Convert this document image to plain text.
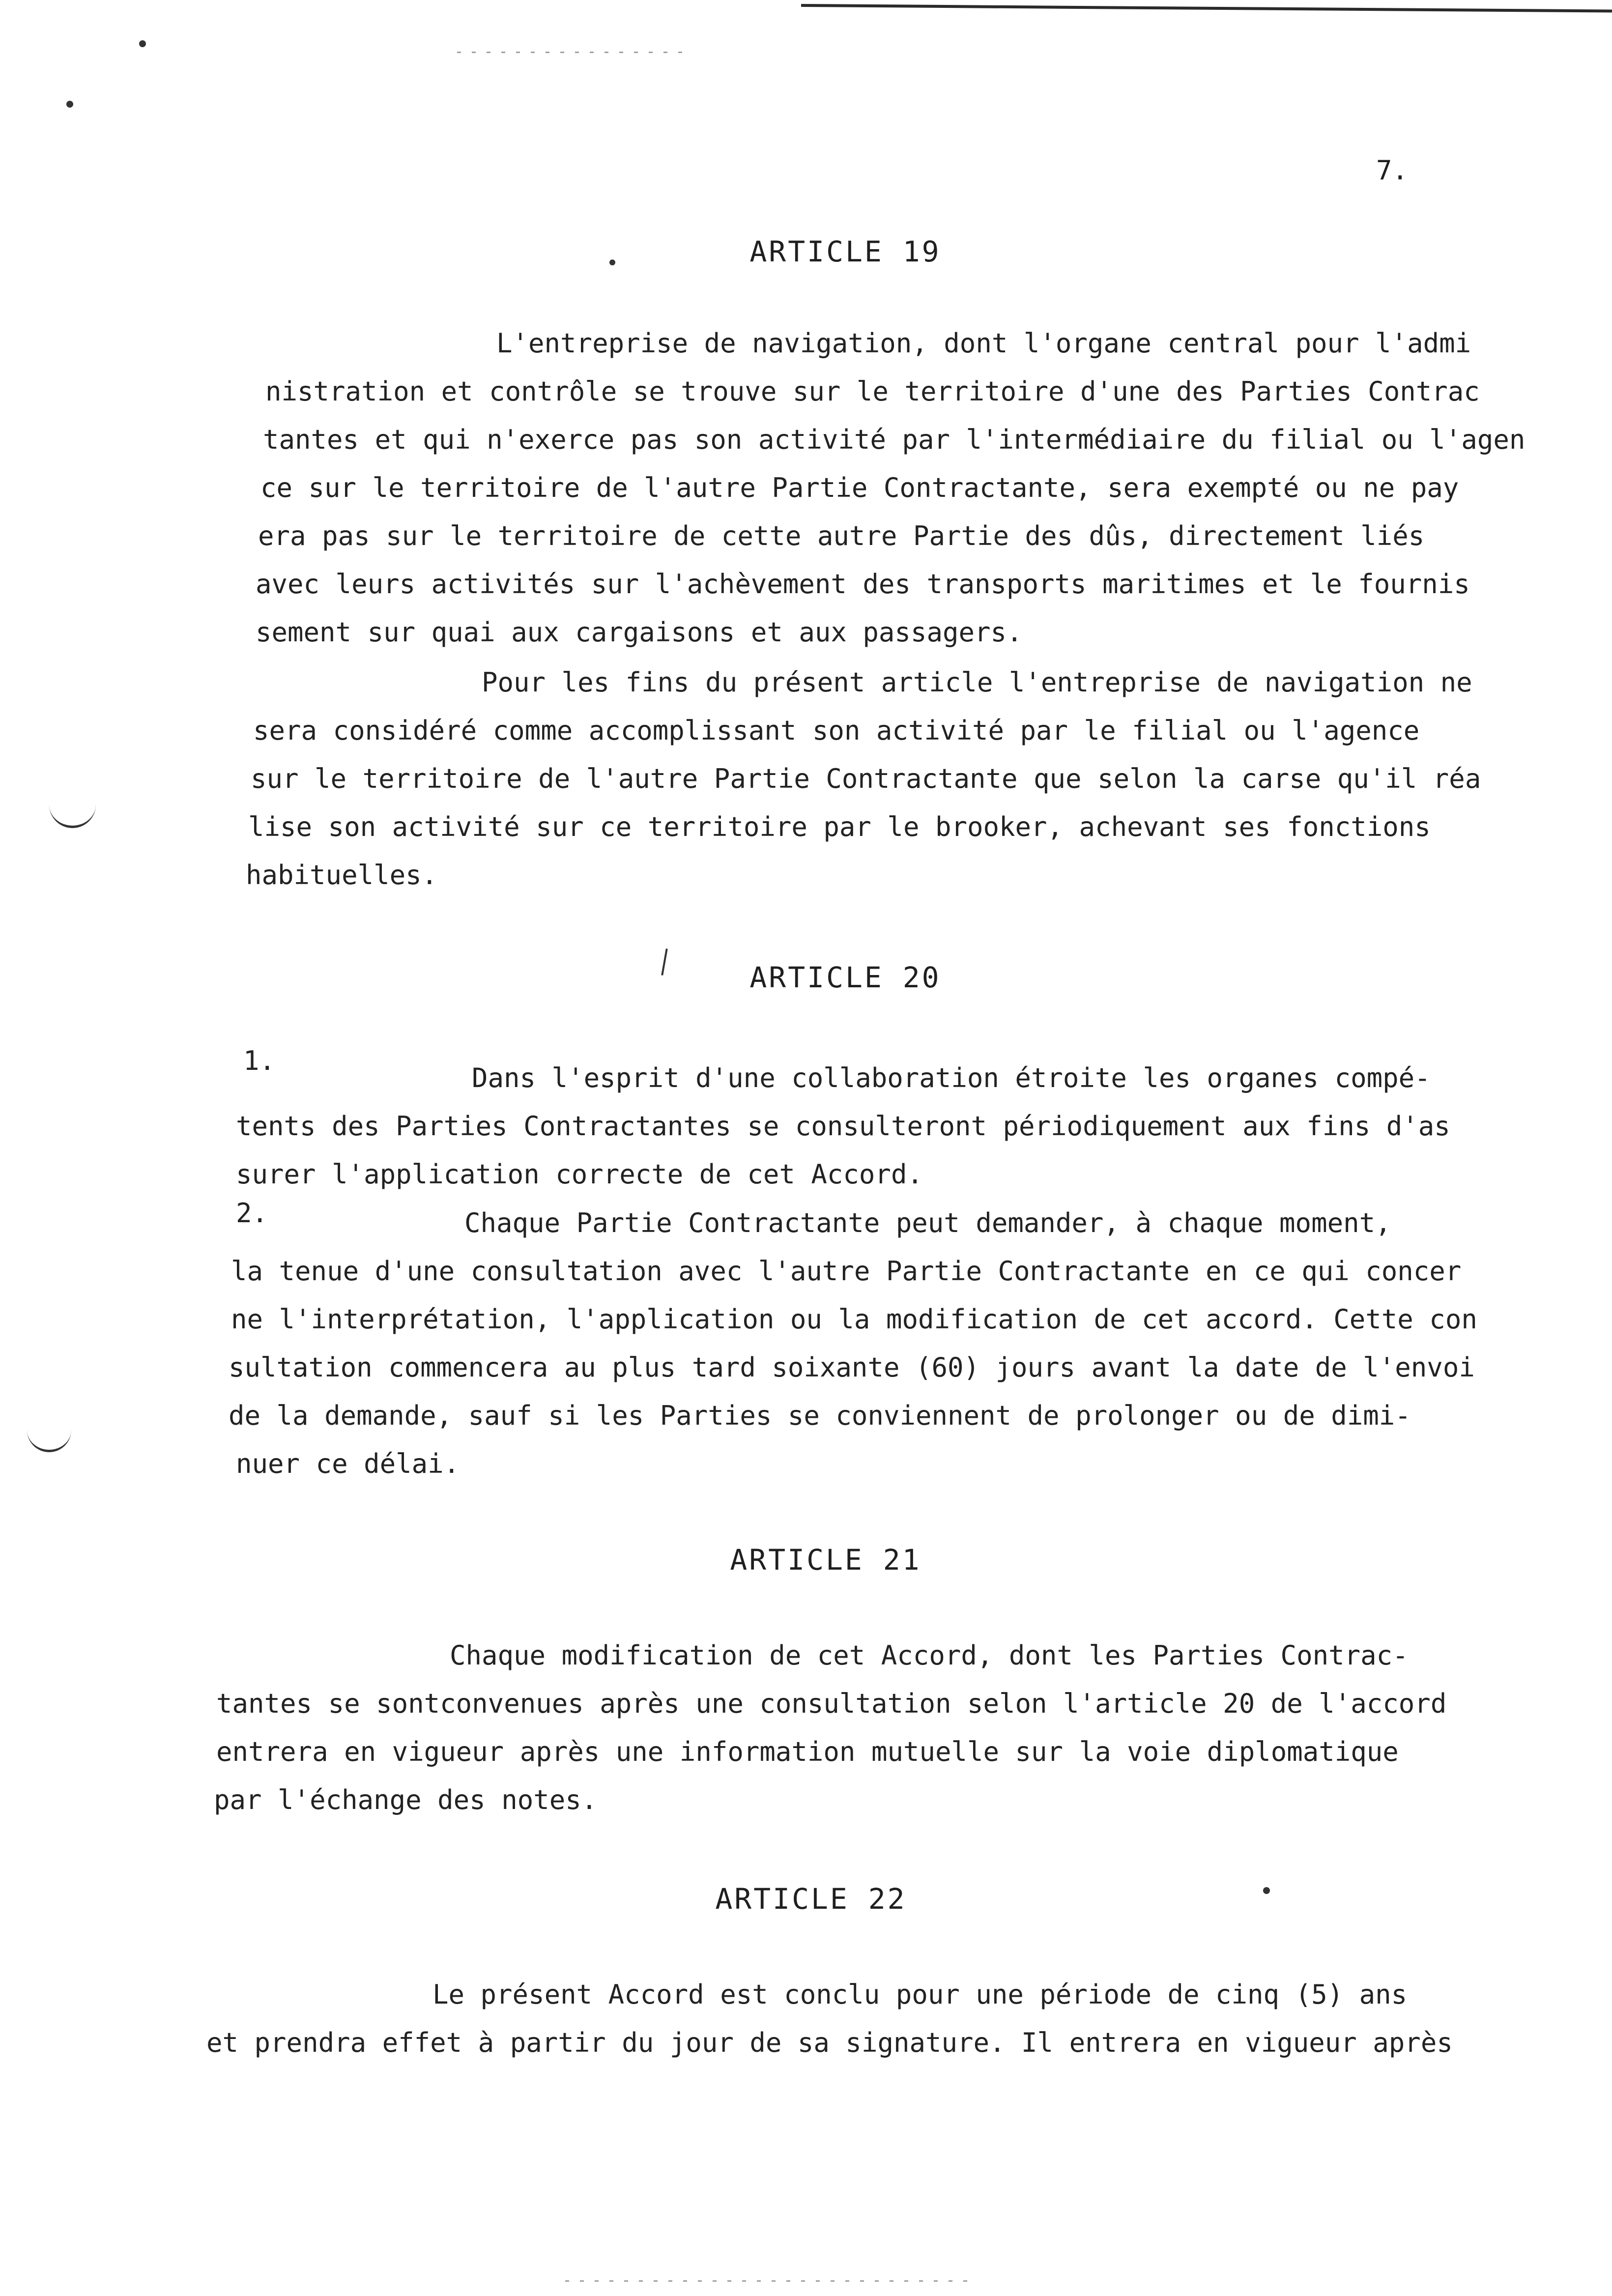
7.
ARTICLE 19
L'entreprise de navigation, dont l'organe central pour l'admi
nistration et contrôle se trouve sur le territoire d'une des Parties Contrac
tantes et qui n'exerce pas son activité par l'intermédiaire du filial ou l'agen
ce sur le territoire de l'autre Partie Contractante, sera exempté ou ne pay
era pas sur le territoire de cette autre Partie des dûs, directement liés
avec leurs activités sur l'achèvement des transports maritimes et le fournis
sement sur quai aux cargaisons et aux passagers.
Pour les fins du présent article l'entreprise de navigation ne
sera considéré comme accomplissant son activité par le filial ou l'agence
sur le territoire de l'autre Partie Contractante que selon la carse qu'il réa
lise son activité sur ce territoire par le brooker, achevant ses fonctions
habituelles.
ARTICLE 20
1.
Dans l'esprit d'une collaboration étroite les organes compé-
tents des Parties Contractantes se consulteront périodiquement aux fins d'as
surer l'application correcte de cet Accord.
2.	Chaque Partie Contractante peut demander, à chaque moment,
la tenue d'une consultation avec l'autre Partie Contractante en ce qui concer
ne l'interprétation, l'application ou la modification de cet accord. Cette con
sultation commencera au plus tard soixante (60) jours avant la date de l'envoi
de la demande, sauf si les Parties se conviennent de prolonger ou de dimi-
nuer ce délai.
ARTICLE 21
Chaque modification de cet Accord, dont les Parties Contrac-
tantes se sontconvenues après une consultation selon l'article 20 de l'accord
entrera en vigueur après une information mutuelle sur la voie diplomatique
par l'échange des notes.
ARTICLE 22
Le présent Accord est conclu pour une période de cinq (5) ans
et prendra effet à partir du jour de sa signature. Il entrera en vigueur après
